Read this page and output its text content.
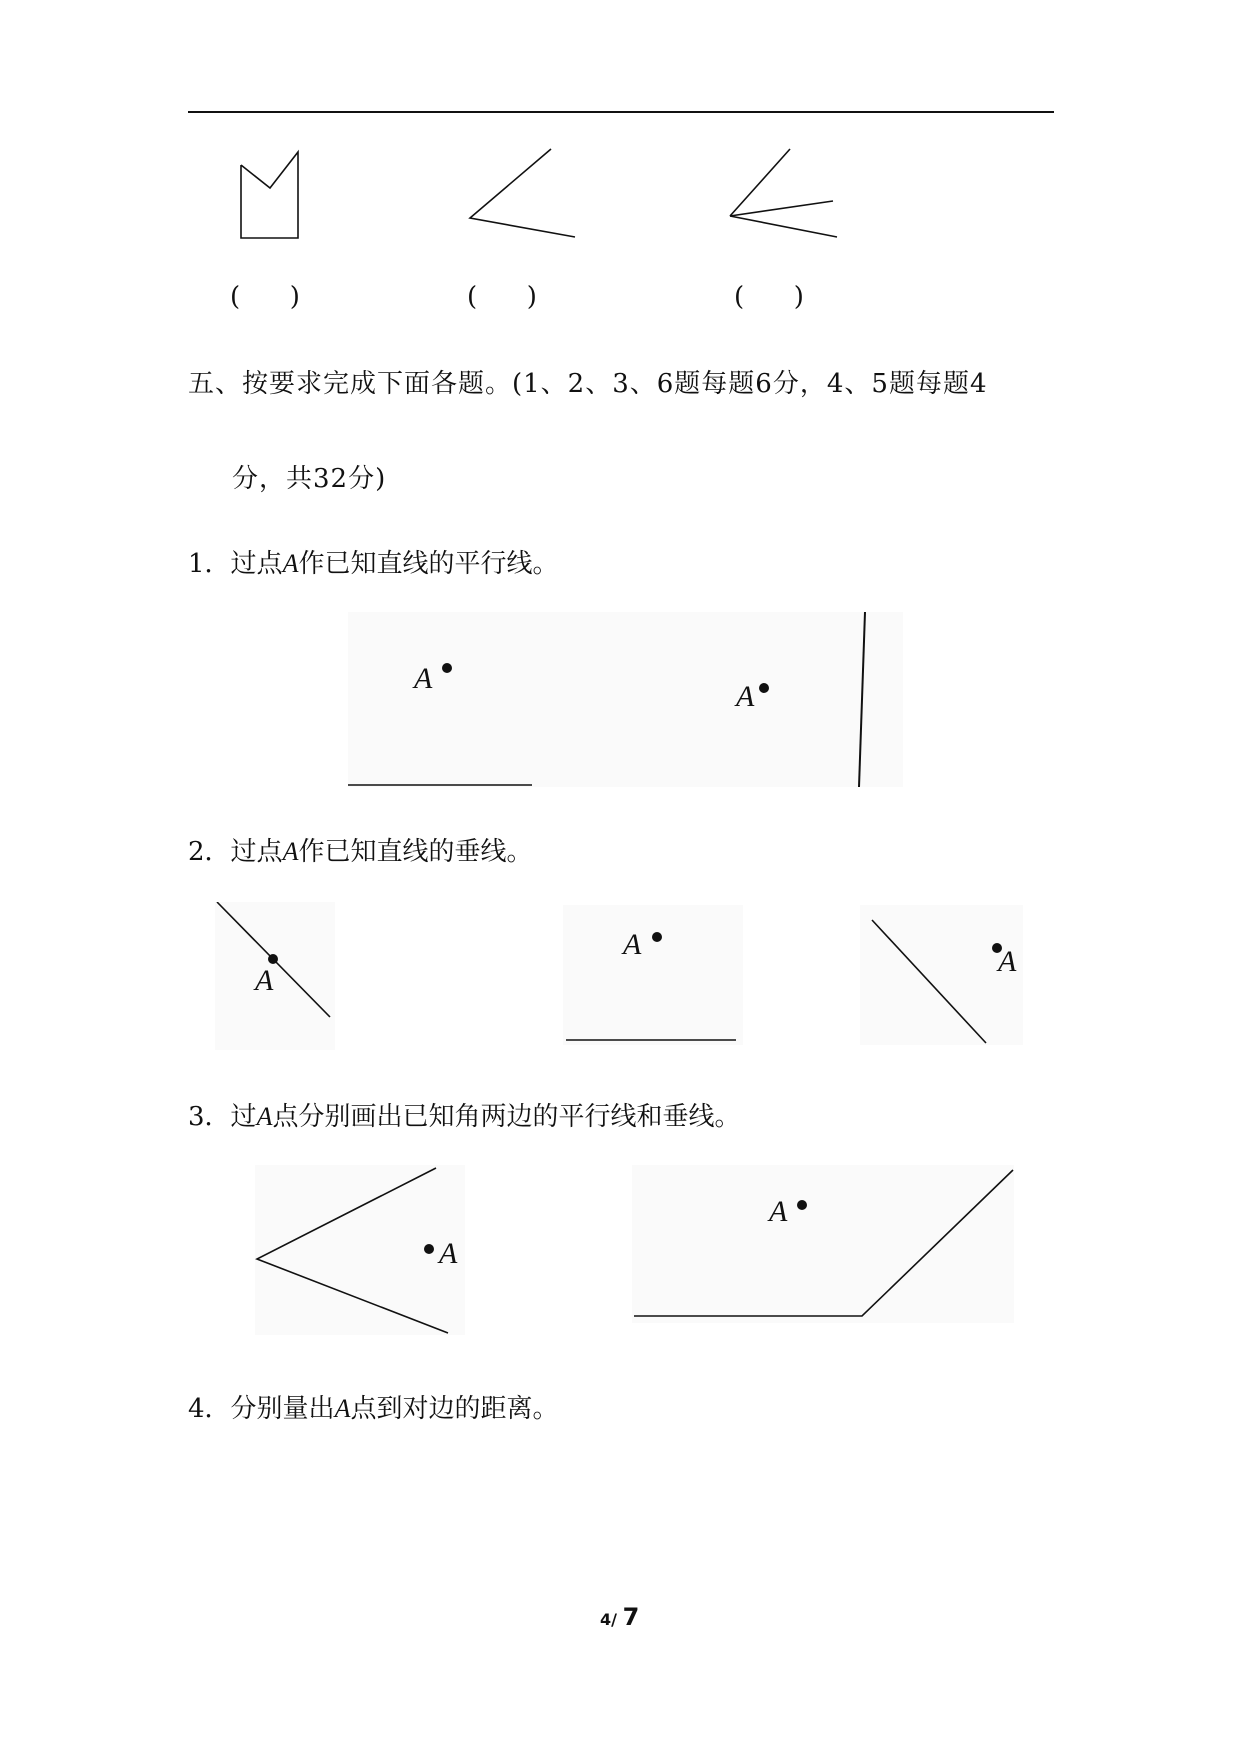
(      )	(      )	(      )
五、按要求完成下面各题。(1、2、3、6题每题6分，4、5题每题4
分，共32分)
1．过点A作已知直线的平行线。
A
A
2．过点A作已知直线的垂线。
A
A
A
3．过A点分别画出已知角两边的平行线和垂线。
A
A
4．分别量出A点到对边的距离。
4/ 7
